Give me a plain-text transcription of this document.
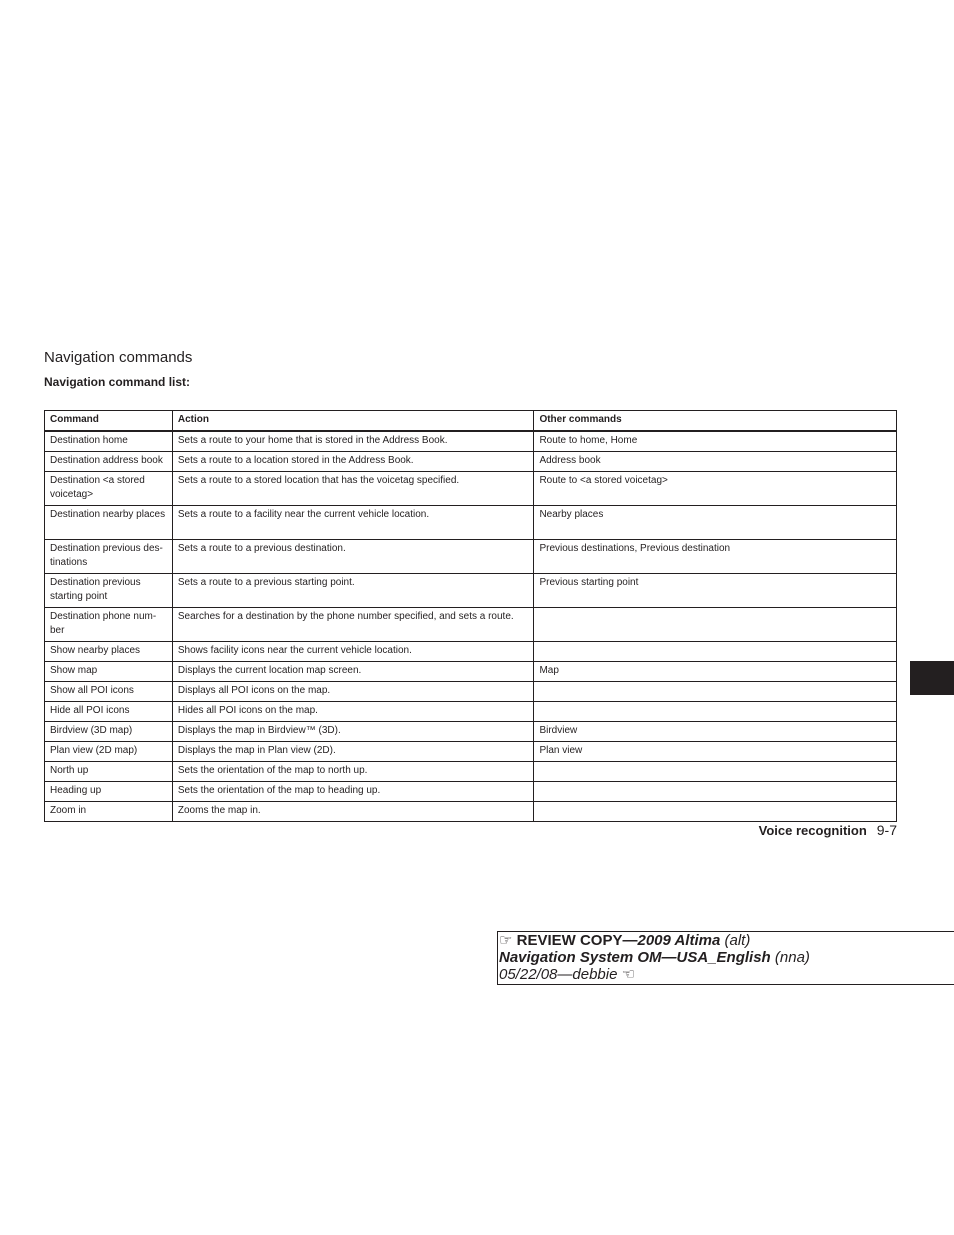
Navigation commands
Navigation command list:
Command	Action	Other commands
Destination home	Sets a route to your home that is stored in the Address Book.	Route to home, Home
Destination address book	Sets a route to a location stored in the Address Book.	Address book
Destination <a stored voicetag>	Sets a route to a stored location that has the voicetag specified.	Route to <a stored voicetag>
Destination nearby places	Sets a route to a facility near the current vehicle location.	Nearby places
Destination previous des- tinations	Sets a route to a previous destination.	Previous destinations, Previous destination
Destination previous starting point	Sets a route to a previous starting point.	Previous starting point
Destination phone num- ber	Searches for a destination by the phone number specified, and sets a route.	
Show nearby places	Shows facility icons near the current vehicle location.	
Show map	Displays the current location map screen.	Map
Show all POI icons	Displays all POI icons on the map.	
Hide all POI icons	Hides all POI icons on the map.	
Birdview (3D map)	Displays the map in Birdview™ (3D).	Birdview
Plan view (2D map)	Displays the map in Plan view (2D).	Plan view
North up	Sets the orientation of the map to north up.	
Heading up	Sets the orientation of the map to heading up.	
Zoom in	Zooms the map in.	
Voice recognition 9-7
☞ REVIEW COPY—2009 Altima (alt)
Navigation System OM—USA_English (nna)
05/22/08—debbie ☜
